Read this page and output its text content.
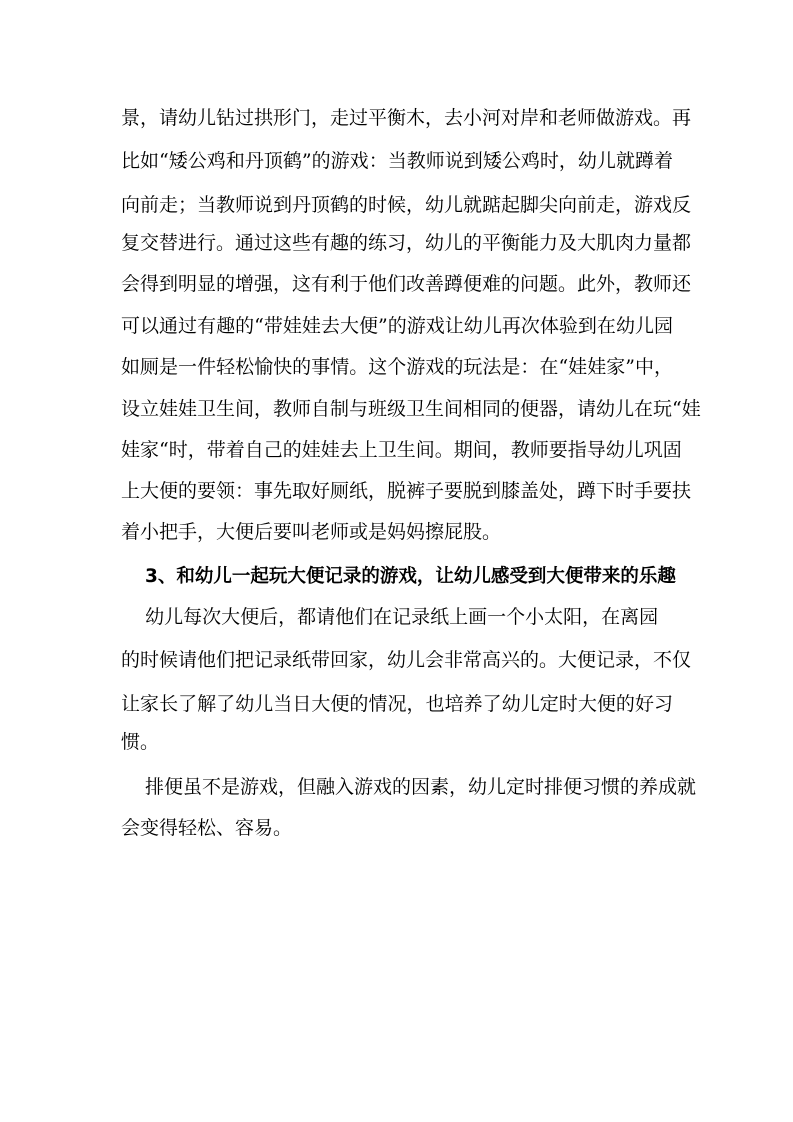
景，请幼儿钻过拱形门，走过平衡木，去小河对岸和老师做游戏。再

比如“矮公鸡和丹顶鹤”的游戏：当教师说到矮公鸡时，幼儿就蹲着

向前走；当教师说到丹顶鹤的时候，幼儿就踮起脚尖向前走，游戏反

复交替进行。通过这些有趣的练习，幼儿的平衡能力及大肌肉力量都

会得到明显的增强，这有利于他们改善蹲便难的问题。此外，教师还

可以通过有趣的“带娃娃去大便”的游戏让幼儿再次体验到在幼儿园

如厕是一件轻松愉快的事情。这个游戏的玩法是：在“娃娃家”中，

设立娃娃卫生间，教师自制与班级卫生间相同的便器，请幼儿在玩“娃

娃家“时，带着自己的娃娃去上卫生间。期间，教师要指导幼儿巩固

上大便的要领：事先取好厕纸，脱裤子要脱到膝盖处，蹲下时手要扶

着小把手，大便后要叫老师或是妈妈擦屁股。

3、和幼儿一起玩大便记录的游戏，让幼儿感受到大便带来的乐趣

幼儿每次大便后，都请他们在记录纸上画一个小太阳，在离园

的时候请他们把记录纸带回家，幼儿会非常高兴的。大便记录，不仅

让家长了解了幼儿当日大便的情况，也培养了幼儿定时大便的好习

惯。

排便虽不是游戏，但融入游戏的因素，幼儿定时排便习惯的养成就

会变得轻松、容易。
